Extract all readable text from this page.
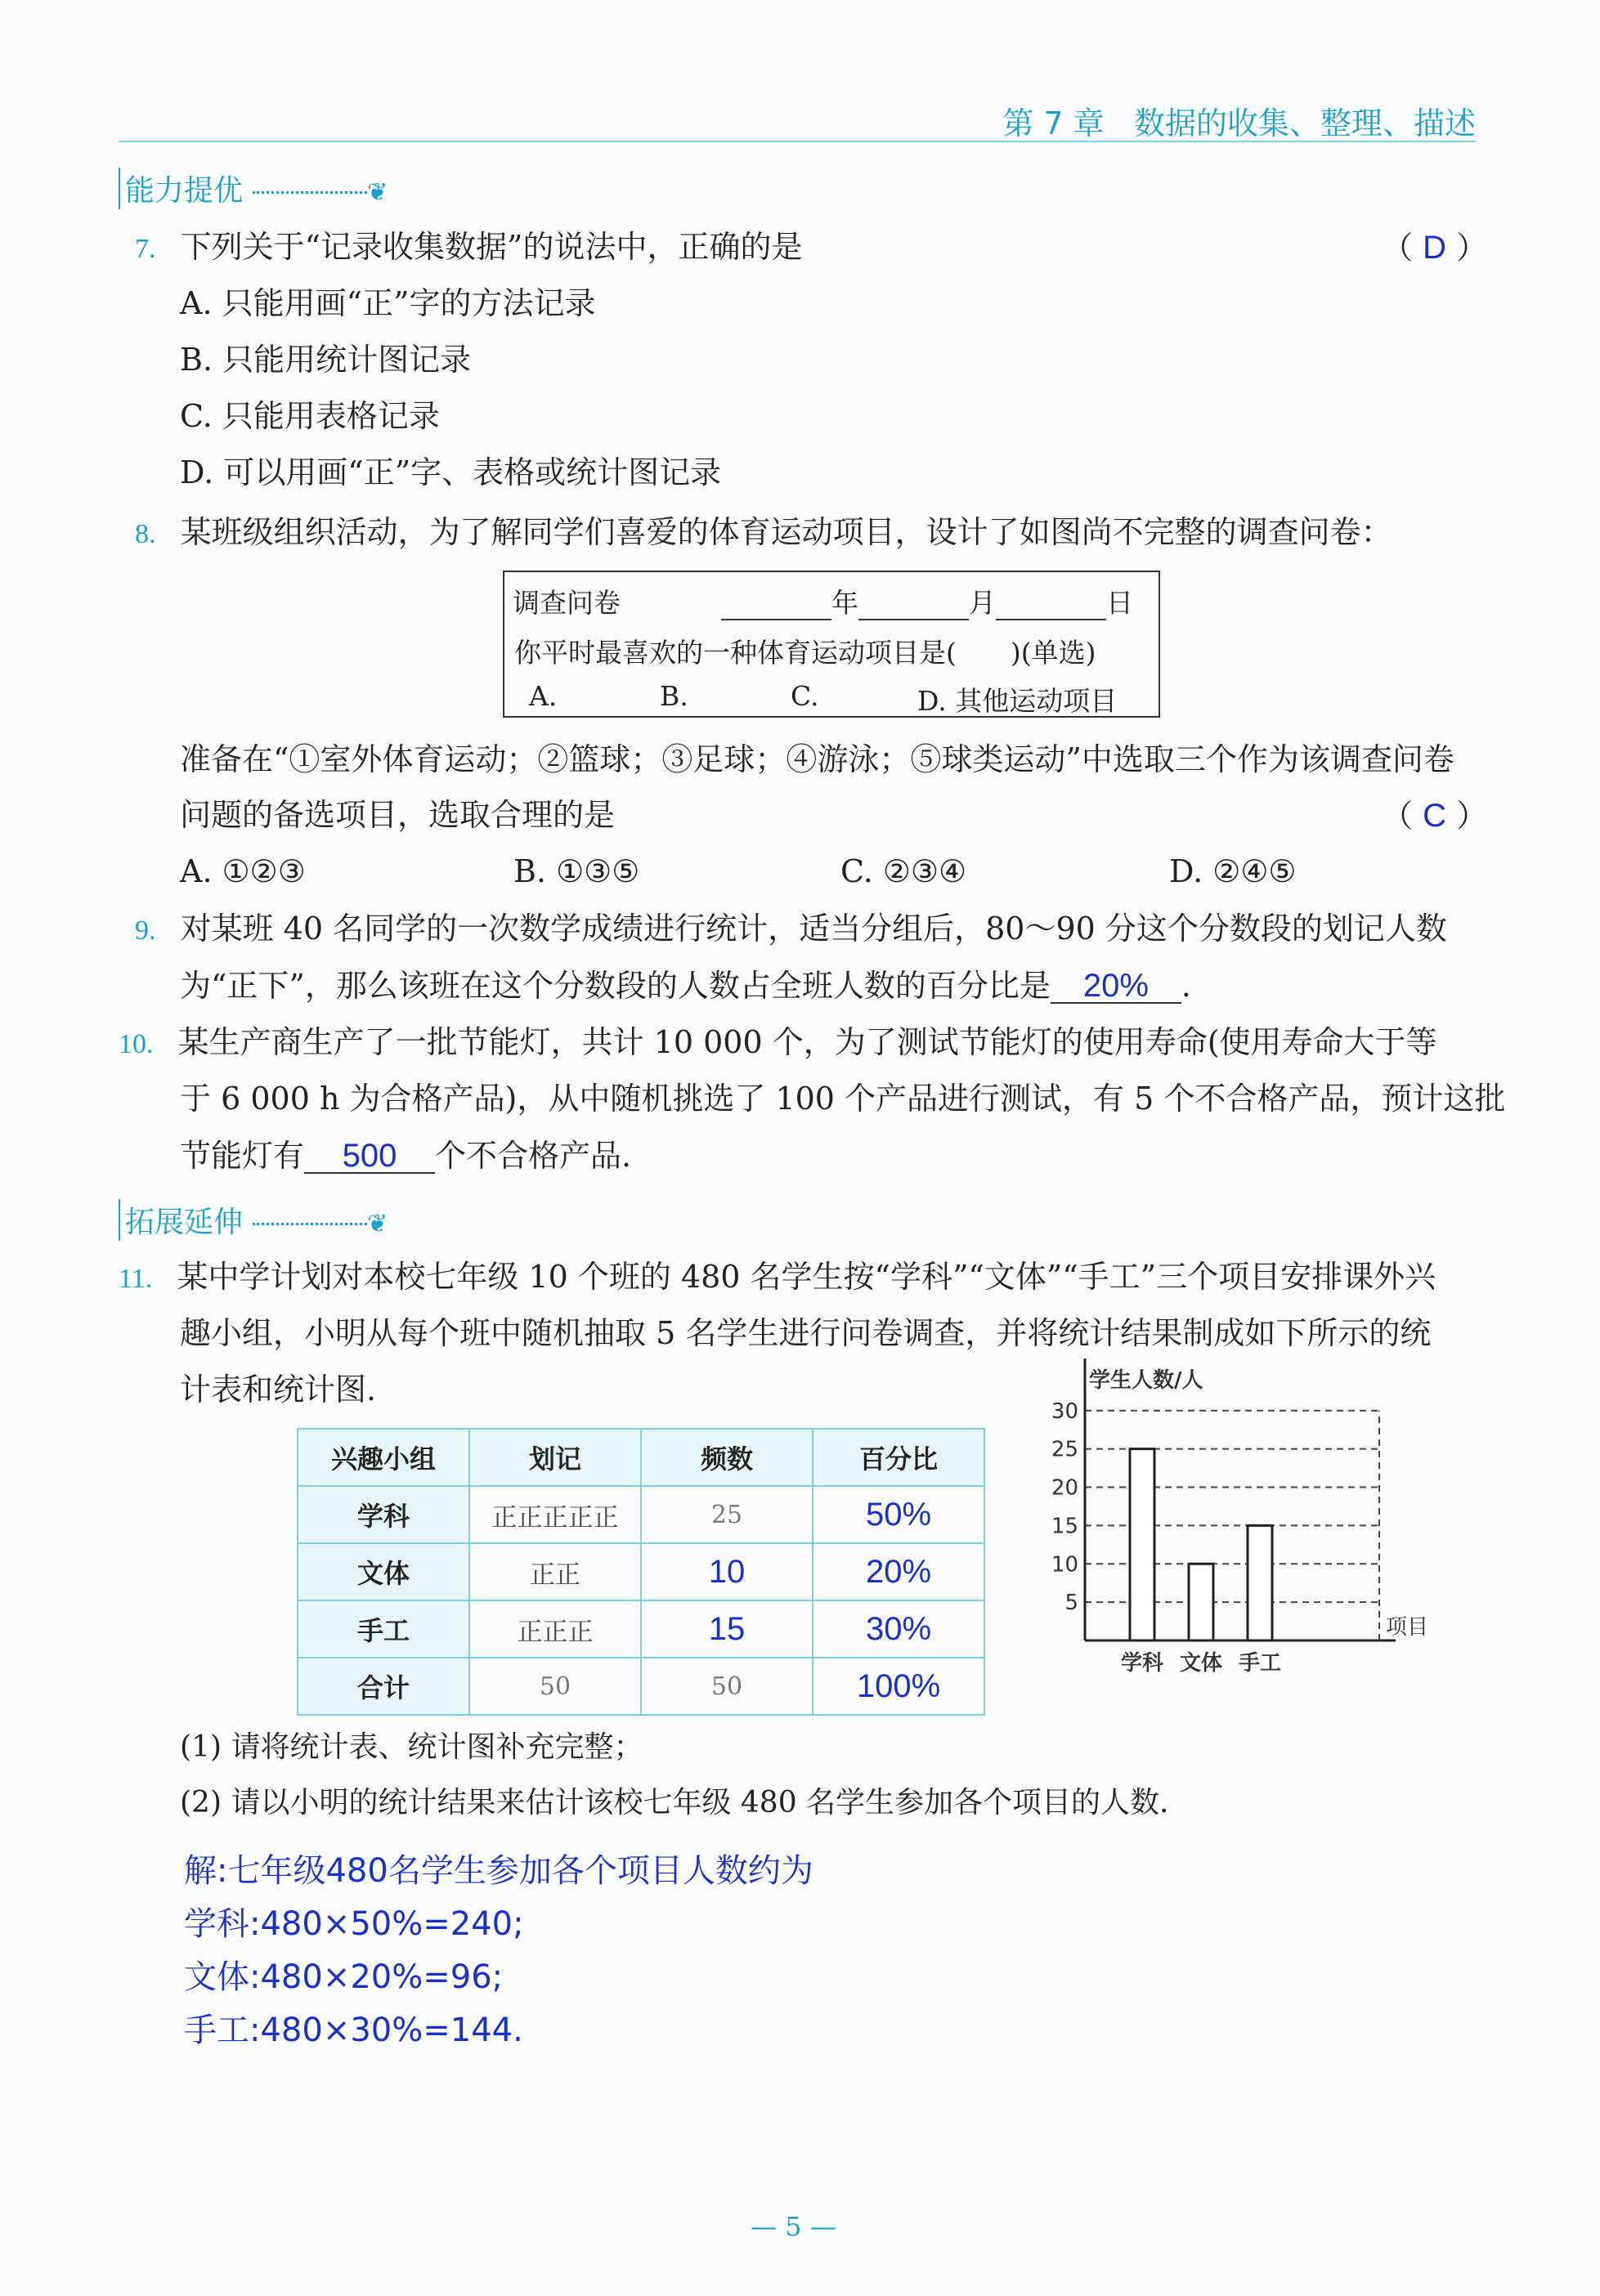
第 7 章 数据的收集、整理、描述
能力提优	❦
7. 下列关于“记录收集数据”的说法中，正确的是	（ D ）
A. 只能用画“正”字的方法记录
B. 只能用统计图记录
C. 只能用表格记录
D. 可以用画“正”字、表格或统计图记录
8. 某班级组织活动，为了解同学们喜爱的体育运动项目，设计了如图尚不完整的调查问卷：
调查问卷	年	月	日
你平时最喜欢的一种体育运动项目是(　　)(单选)
A.	B.	C.	D. 其他运动项目
准备在“①室外体育运动；②篮球；③足球；④游泳；⑤球类运动”中选取三个作为该调查问卷
问题的备选项目，选取合理的是	（ C ）
A. ①②③	B. ①③⑤	C. ②③④	D. ②④⑤
9. 对某班 40 名同学的一次数学成绩进行统计，适当分组后，80～90 分这个分数段的划记人数
为“正下”，那么该班在这个分数段的人数占全班人数的百分比是 20% .
10. 某生产商生产了一批节能灯，共计 10 000 个，为了测试节能灯的使用寿命(使用寿命大于等
于 6 000 h 为合格产品)，从中随机挑选了 100 个产品进行测试，有 5 个不合格产品，预计这批
节能灯有 500 个不合格产品.
拓展延伸	❦
11. 某中学计划对本校七年级 10 个班的 480 名学生按“学科”“文体”“手工”三个项目安排课外兴
趣小组，小明从每个班中随机抽取 5 名学生进行问卷调查，并将统计结果制成如下所示的统
计表和统计图.
兴趣小组	划记	频数	百分比
学科	正正正正正	25	50%
文体	正正	10	20%
手工	正正正	15	30%
合计	50	50	100%
5
10
15
20
25
30
学生人数/人
项目
学科 文体 手工
(1) 请将统计表、统计图补充完整；
(2) 请以小明的统计结果来估计该校七年级 480 名学生参加各个项目的人数.
解:七年级480名学生参加各个项目人数约为
学科:480×50%=240;
文体:480×20%=96;
手工:480×30%=144.
— 5 —
